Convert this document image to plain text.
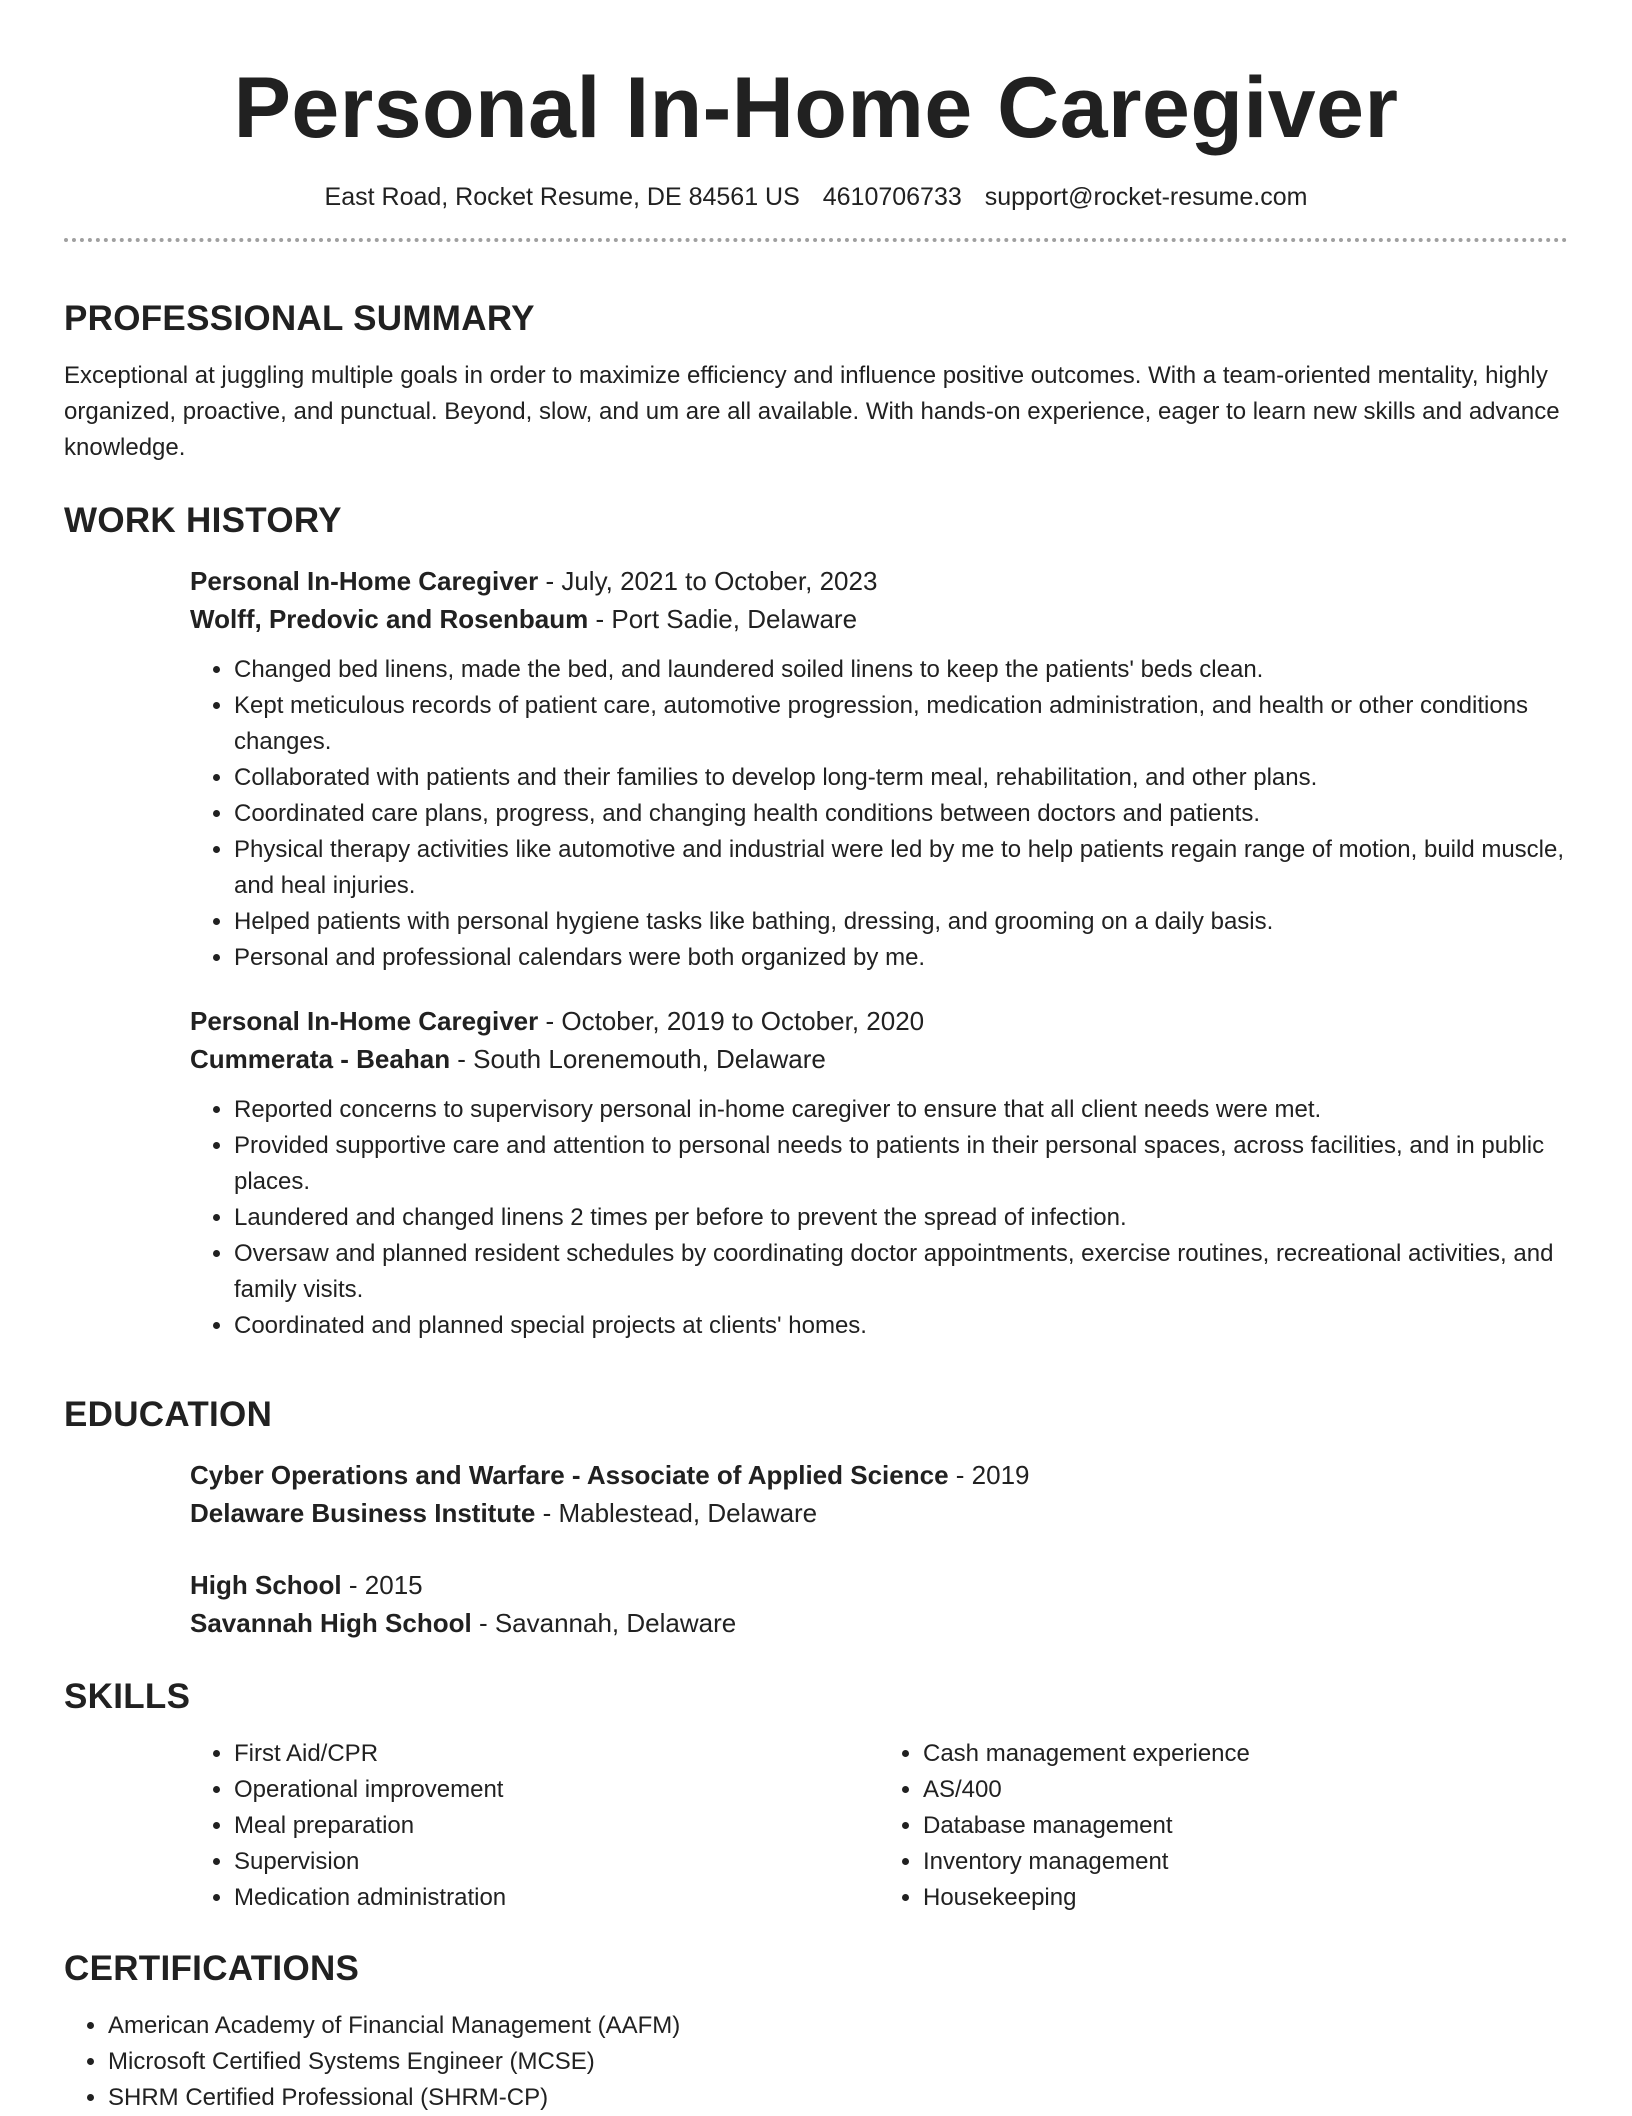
Personal In-Home Caregiver
East Road, Rocket Resume, DE 84561 US 4610706733 support@rocket-resume.com
PROFESSIONAL SUMMARY

Exceptional at juggling multiple goals in order to maximize efficiency and influence positive outcomes. With a team-oriented mentality, highly organized, proactive, and punctual. Beyond, slow, and um are all available. With hands-on experience, eager to learn new skills and advance knowledge.

WORK HISTORY

Personal In-Home Caregiver - July, 2021 to October, 2023

Wolff, Predovic and Rosenbaum - Port Sadie, Delaware

• Changed bed linens, made the bed, and laundered soiled linens to keep the patients' beds clean.
• Kept meticulous records of patient care, automotive progression, medication administration, and health or other conditions changes.
• Collaborated with patients and their families to develop long-term meal, rehabilitation, and other plans.
• Coordinated care plans, progress, and changing health conditions between doctors and patients.
• Physical therapy activities like automotive and industrial were led by me to help patients regain range of motion, build muscle, and heal injuries.
• Helped patients with personal hygiene tasks like bathing, dressing, and grooming on a daily basis.
• Personal and professional calendars were both organized by me.

Personal In-Home Caregiver - October, 2019 to October, 2020

Cummerata - Beahan - South Lorenemouth, Delaware

• Reported concerns to supervisory personal in-home caregiver to ensure that all client needs were met.
• Provided supportive care and attention to personal needs to patients in their personal spaces, across facilities, and in public places.
• Laundered and changed linens 2 times per before to prevent the spread of infection.
• Oversaw and planned resident schedules by coordinating doctor appointments, exercise routines, recreational activities, and family visits.
• Coordinated and planned special projects at clients' homes.
EDUCATION

Cyber Operations and Warfare - Associate of Applied Science - 2019

Delaware Business Institute - Mablestead, Delaware

High School - 2015

Savannah High School - Savannah, Delaware

SKILLS
• First Aid/CPR
• Operational improvement
• Meal preparation
• Supervision
• Medication administration
• Cash management experience
• AS/400
• Database management
• Inventory management
• Housekeeping
CERTIFICATIONS
• American Academy of Financial Management (AAFM)
• Microsoft Certified Systems Engineer (MCSE)
• SHRM Certified Professional (SHRM-CP)
